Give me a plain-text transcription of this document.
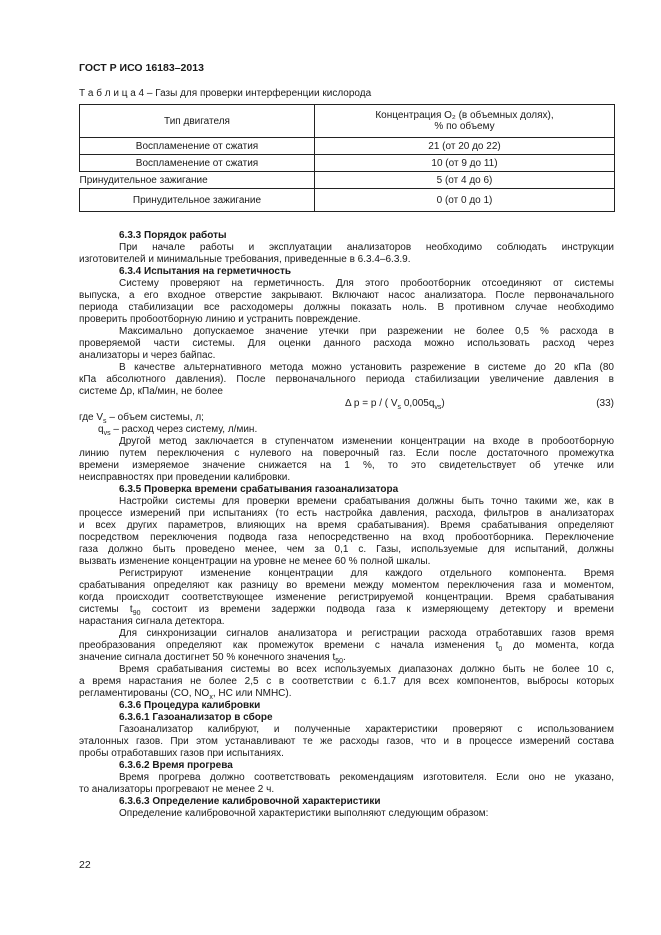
ГОСТ Р ИСО 16183–2013
Т а б л и ц а 4 – Газы для проверки интерференции кислорода
Тип двигателя	Концентрация O₂ (в объемных долях),
% по объему

Воспламенение от сжатия	21 (от 20 до 22)
Воспламенение от сжатия	10 (от 9 до 11)
Принудительное зажигание	5 (от 4 до 6)
Принудительное зажигание	0 (от 0 до 1)
6.3.3 Порядок работы
При начале работы и эксплуатации анализаторов необходимо соблюдать инструкции
изготовителей и минимальные требования, приведенные в 6.3.4–6.3.9.
6.3.4 Испытания на герметичность
Систему проверяют на герметичность. Для этого пробоотборник отсоединяют от системы
выпуска, а его входное отверстие закрывают. Включают насос анализатора. После первоначального
периода стабилизации все расходомеры должны показать ноль. В противном случае необходимо
проверить пробоотборную линию и устранить повреждение.
Максимально допускаемое значение утечки при разрежении не более 0,5 % расхода в
проверяемой части системы. Для оценки данного расхода можно использовать расход через
анализаторы и через байпас.
В качестве альтернативного метода можно установить разрежение в системе до 20 кПа (80
кПа абсолютного давления). После первоначального периода стабилизации увеличение давления в
системе Δp, кПа/мин, не более
Δ p = p / ( $V_s$ $0,005q_{vs}$)	(33)
где $V_s$ – объем системы, л;
$q_{vs}$ – расход через систему, л/мин.
Другой метод заключается в ступенчатом изменении концентрации на входе в пробоотборную
линию путем переключения с нулевого на поверочный газ. Если после достаточного промежутка
времени измеряемое значение снижается на 1 %, то это свидетельствует об утечке или
неисправностях при проведении калибровки.
6.3.5 Проверка времени срабатывания газоанализатора
Настройки системы для проверки времени срабатывания должны быть точно такими же, как в
процессе измерений при испытаниях (то есть настройка давления, расхода, фильтров в анализаторах
и всех других параметров, влияющих на время срабатывания). Время срабатывания определяют
посредством переключения подвода газа непосредственно на вход пробоотборника. Переключение
газа должно быть проведено менее, чем за 0,1 с. Газы, используемые для испытаний, должны
вызвать изменение концентрации на уровне не менее 60 % полной шкалы.
Регистрируют изменение концентрации для каждого отдельного компонента. Время
срабатывания определяют как разницу во времени между моментом переключения газа и моментом,
когда происходит соответствующее изменение регистрируемой концентрации. Время срабатывания
системы $t_{90}$ состоит из времени задержки подвода газа к измеряющему детектору и времени
нарастания сигнала детектора.
Для синхронизации сигналов анализатора и регистрации расхода отработавших газов время
преобразования определяют как промежуток времени с начала изменения $t_0$ до момента, когда
значение сигнала достигнет 50 % конечного значения $t_{50}$.
Время срабатывания системы во всех используемых диапазонах должно быть не более 10 с,
а время нарастания не более 2,5 с в соответствии с 6.1.7 для всех компонентов, выбросы которых
регламентированы (CO, $NO_x$, HC или NMHC).
6.3.6 Процедура калибровки
6.3.6.1 Газоанализатор в сборе
Газоанализатор калибруют, и полученные характеристики проверяют с использованием
эталонных газов. При этом устанавливают те же расходы газов, что и в процессе измерений состава
пробы отработавших газов при испытаниях.
6.3.6.2 Время прогрева
Время прогрева должно соответствовать рекомендациям изготовителя. Если оно не указано,
то анализаторы прогревают не менее 2 ч.
6.3.6.3 Определение калибровочной характеристики
Определение калибровочной характеристики выполняют следующим образом:
22
